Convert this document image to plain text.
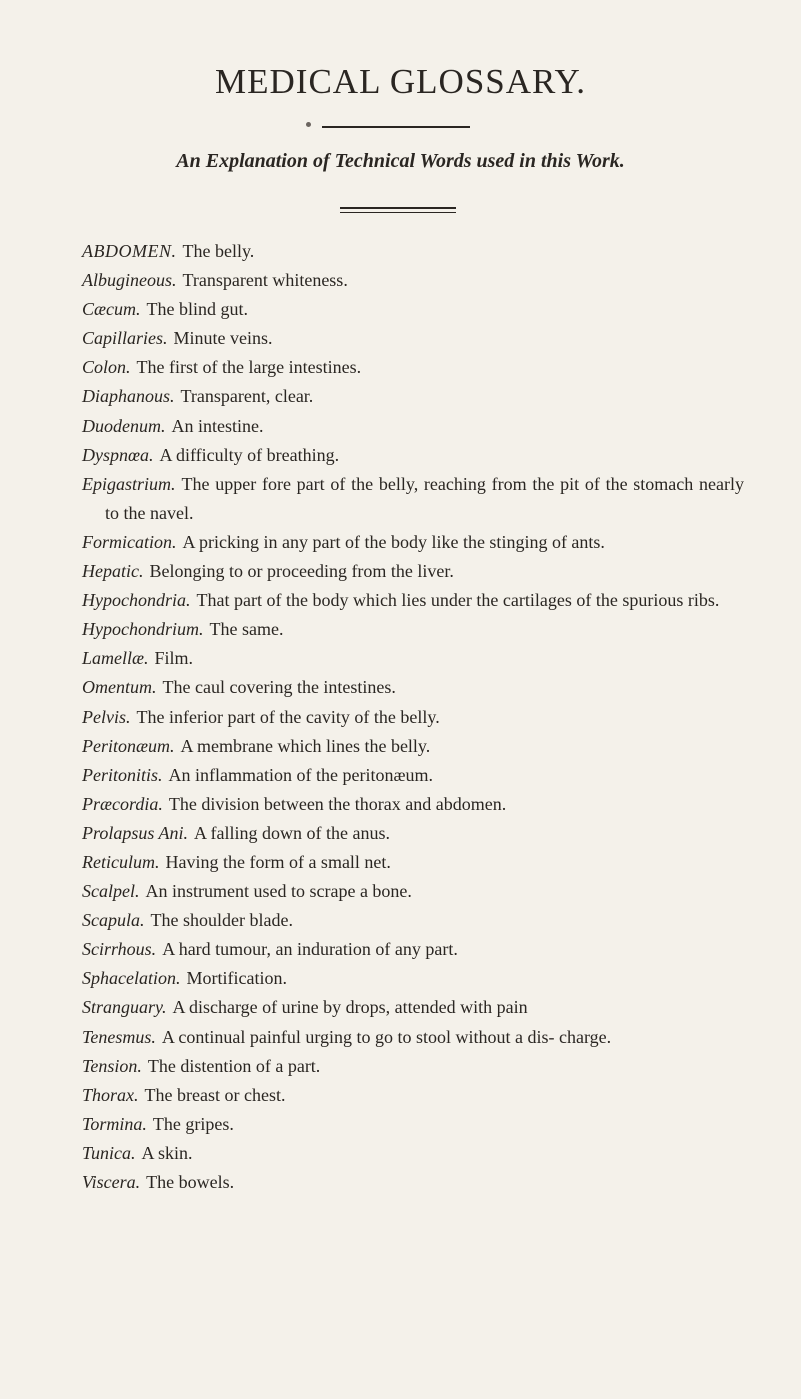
MEDICAL GLOSSARY.
An Explanation of Technical Words used in this Work.
ABDOMEN. The belly.
Albugineous. Transparent whiteness.
Cæcum. The blind gut.
Capillaries. Minute veins.
Colon. The first of the large intestines.
Diaphanous. Transparent, clear.
Duodenum. An intestine.
Dyspnœa. A difficulty of breathing.
Epigastrium. The upper fore part of the belly, reaching from the pit of the stomach nearly to the navel.
Formication. A pricking in any part of the body like the stinging of ants.
Hepatic. Belonging to or proceeding from the liver.
Hypochondria. That part of the body which lies under the cartilages of the spurious ribs.
Hypochondrium. The same.
Lamellæ. Film.
Omentum. The caul covering the intestines.
Pelvis. The inferior part of the cavity of the belly.
Peritonæum. A membrane which lines the belly.
Peritonitis. An inflammation of the peritonæum.
Præcordia. The division between the thorax and abdomen.
Prolapsus Ani. A falling down of the anus.
Reticulum. Having the form of a small net.
Scalpel. An instrument used to scrape a bone.
Scapula. The shoulder blade.
Scirrhous. A hard tumour, an induration of any part.
Sphacelation. Mortification.
Stranguary. A discharge of urine by drops, attended with pain
Tenesmus. A continual painful urging to go to stool without a dis- charge.
Tension. The distention of a part.
Thorax. The breast or chest.
Tormina. The gripes.
Tunica. A skin.
Viscera. The bowels.
